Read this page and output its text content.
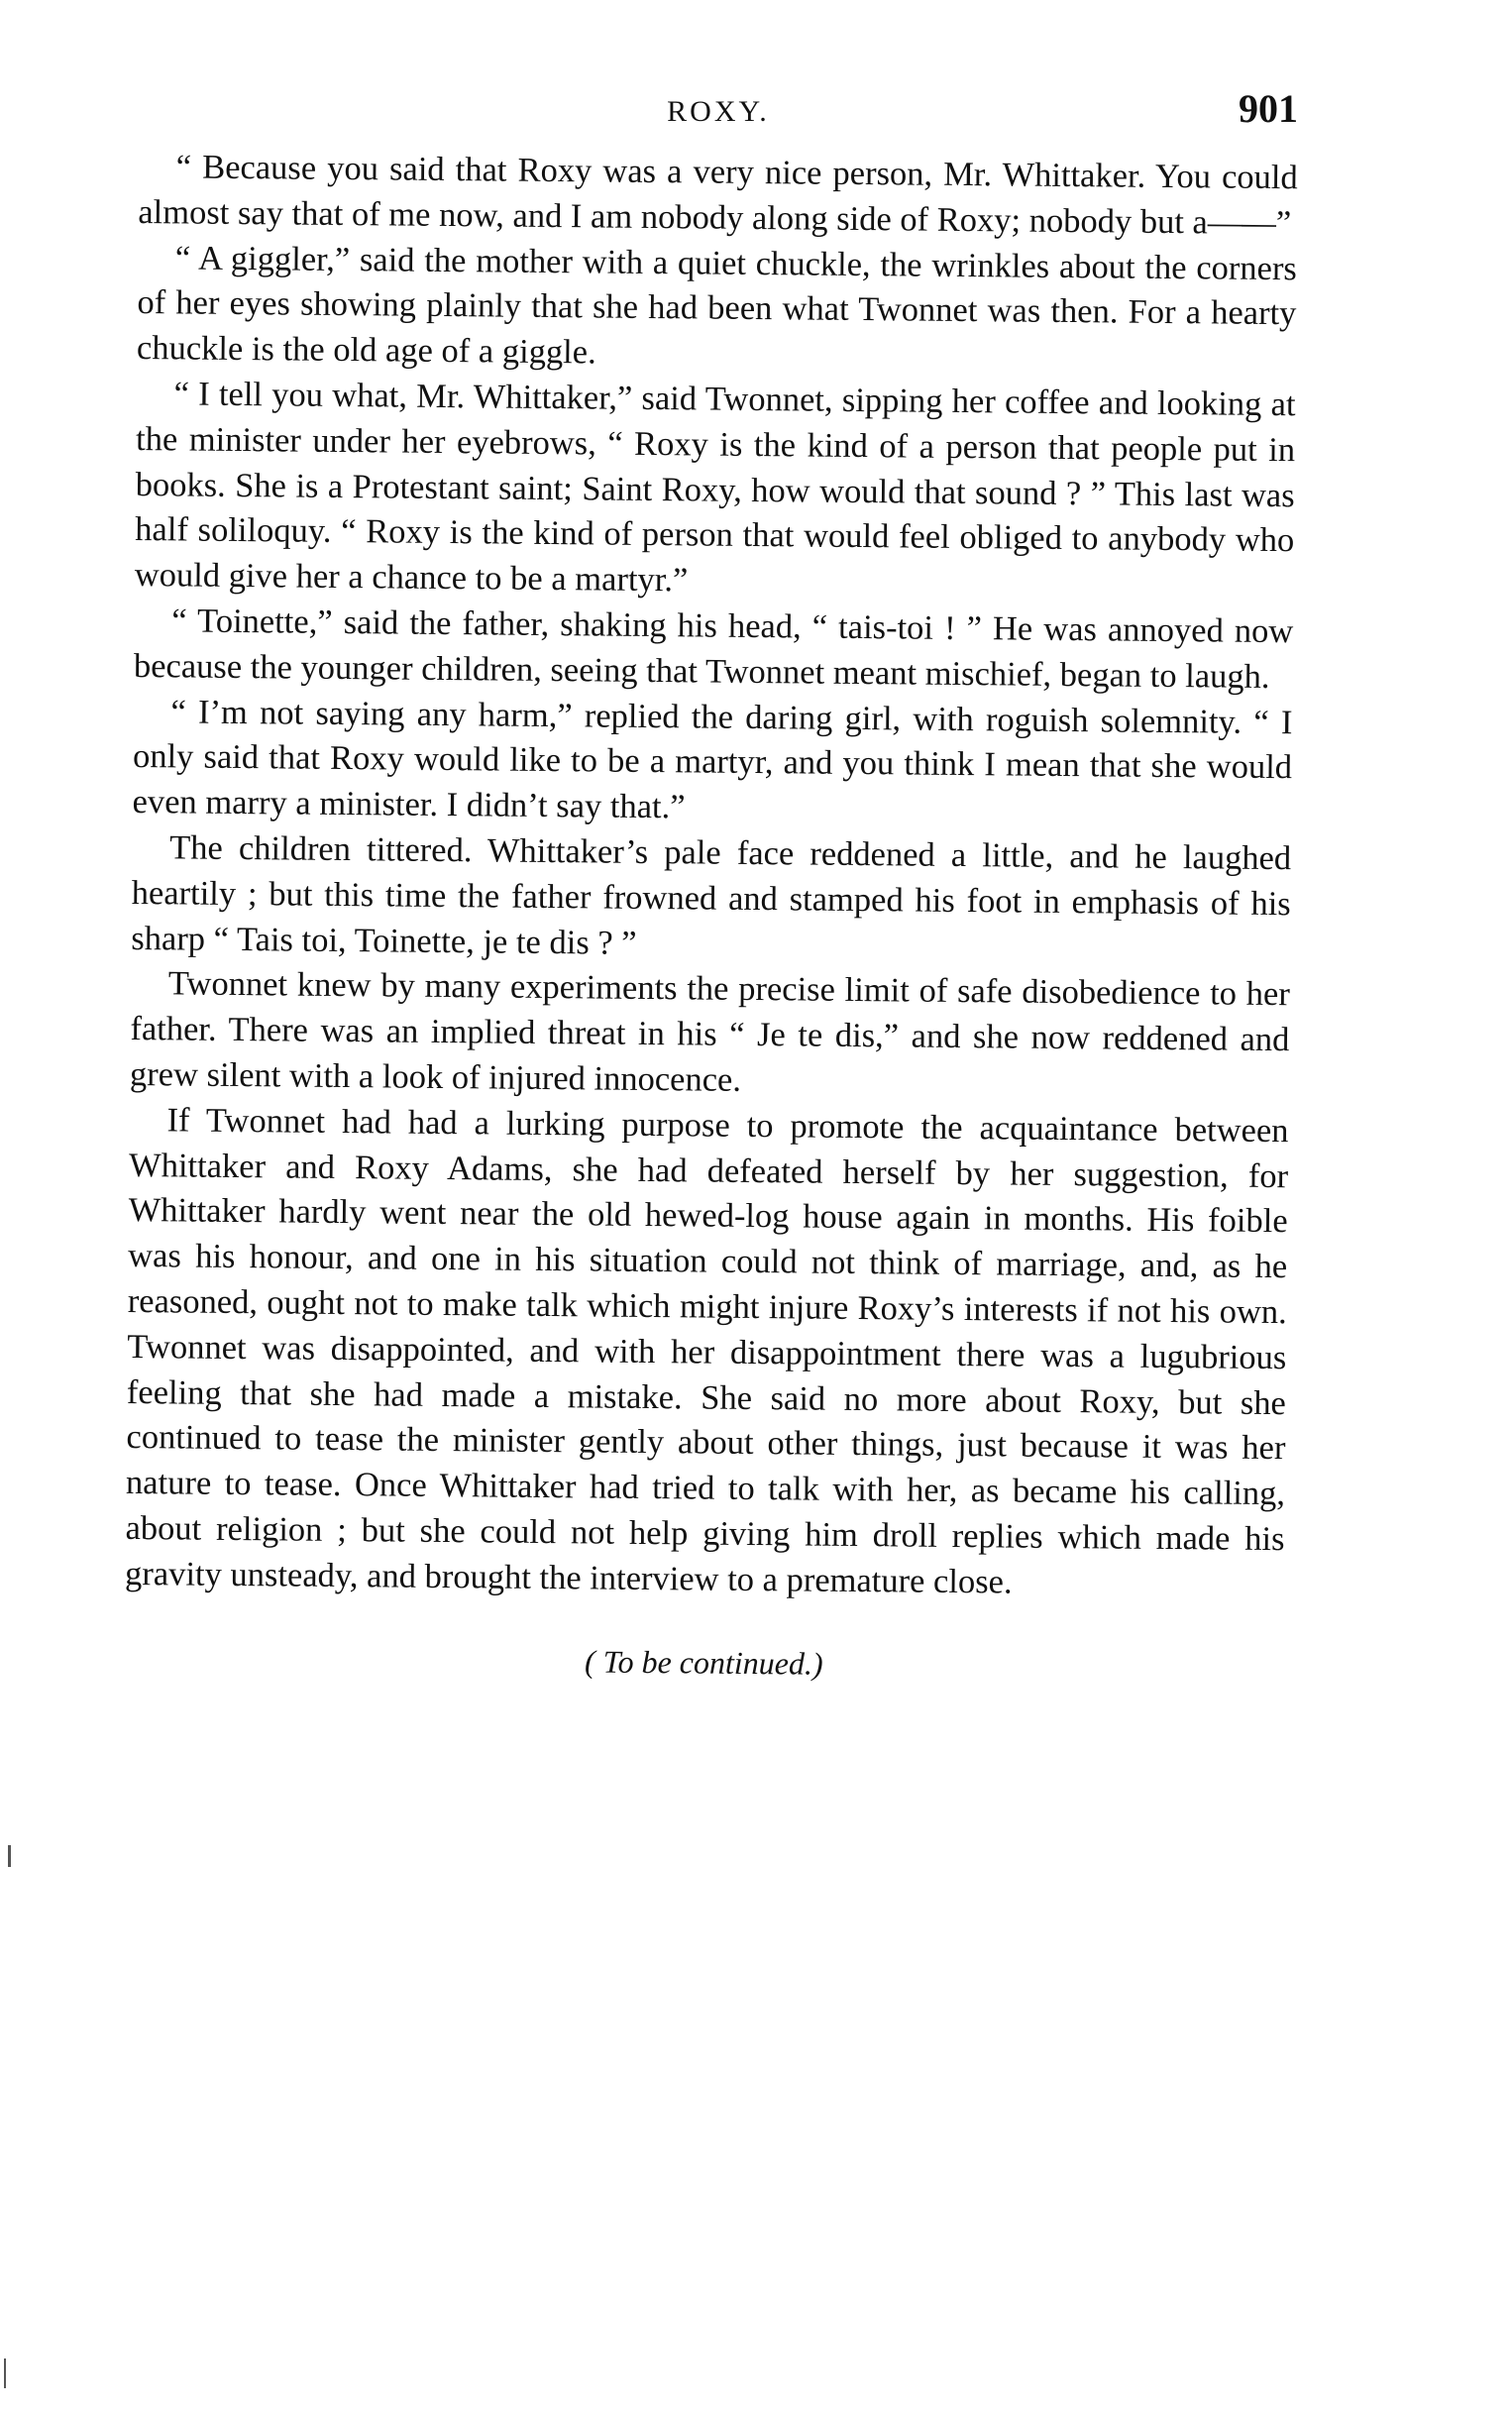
ROXY.	901

“ Because you said that Roxy was a very nice person, Mr. Whittaker. You could almost say that of me now, and I am nobody along side of Roxy; nobody but a——”

“ A giggler,” said the mother with a quiet chuckle, the wrinkles about the corners of her eyes showing plainly that she had been what Twonnet was then. For a hearty chuckle is the old age of a giggle.

“ I tell you what, Mr. Whittaker,” said Twonnet, sipping her coffee and looking at the minister under her eyebrows, “ Roxy is the kind of a person that people put in books. She is a Protestant saint; Saint Roxy, how would that sound ? ” This last was half soliloquy. “ Roxy is the kind of person that would feel obliged to anybody who would give her a chance to be a martyr.”

“ Toinette,” said the father, shaking his head, “ tais-toi ! ” He was annoyed now because the younger children, seeing that Twonnet meant mischief, began to laugh.

“ I’m not saying any harm,” replied the daring girl, with roguish solemnity. “ I only said that Roxy would like to be a martyr, and you think I mean that she would even marry a minister. I didn’t say that.”

The children tittered. Whittaker’s pale face reddened a little, and he laughed heartily ; but this time the father frowned and stamped his foot in emphasis of his sharp “ Tais toi, Toinette, je te dis ? ”

Twonnet knew by many experiments the precise limit of safe disobedience to her father. There was an implied threat in his “ Je te dis,” and she now reddened and grew silent with a look of injured innocence.

If Twonnet had had a lurking purpose to promote the acquaintance between Whittaker and Roxy Adams, she had defeated herself by her suggestion, for Whittaker hardly went near the old hewed-log house again in months. His foible was his honour, and one in his situation could not think of marriage, and, as he reasoned, ought not to make talk which might injure Roxy’s interests if not his own. Twonnet was disappointed, and with her disappointment there was a lugubrious feeling that she had made a mistake. She said no more about Roxy, but she continued to tease the minister gently about other things, just because it was her nature to tease. Once Whittaker had tried to talk with her, as became his calling, about religion ; but she could not help giving him droll replies which made his gravity unsteady, and brought the interview to a premature close.

( To be continued.)
